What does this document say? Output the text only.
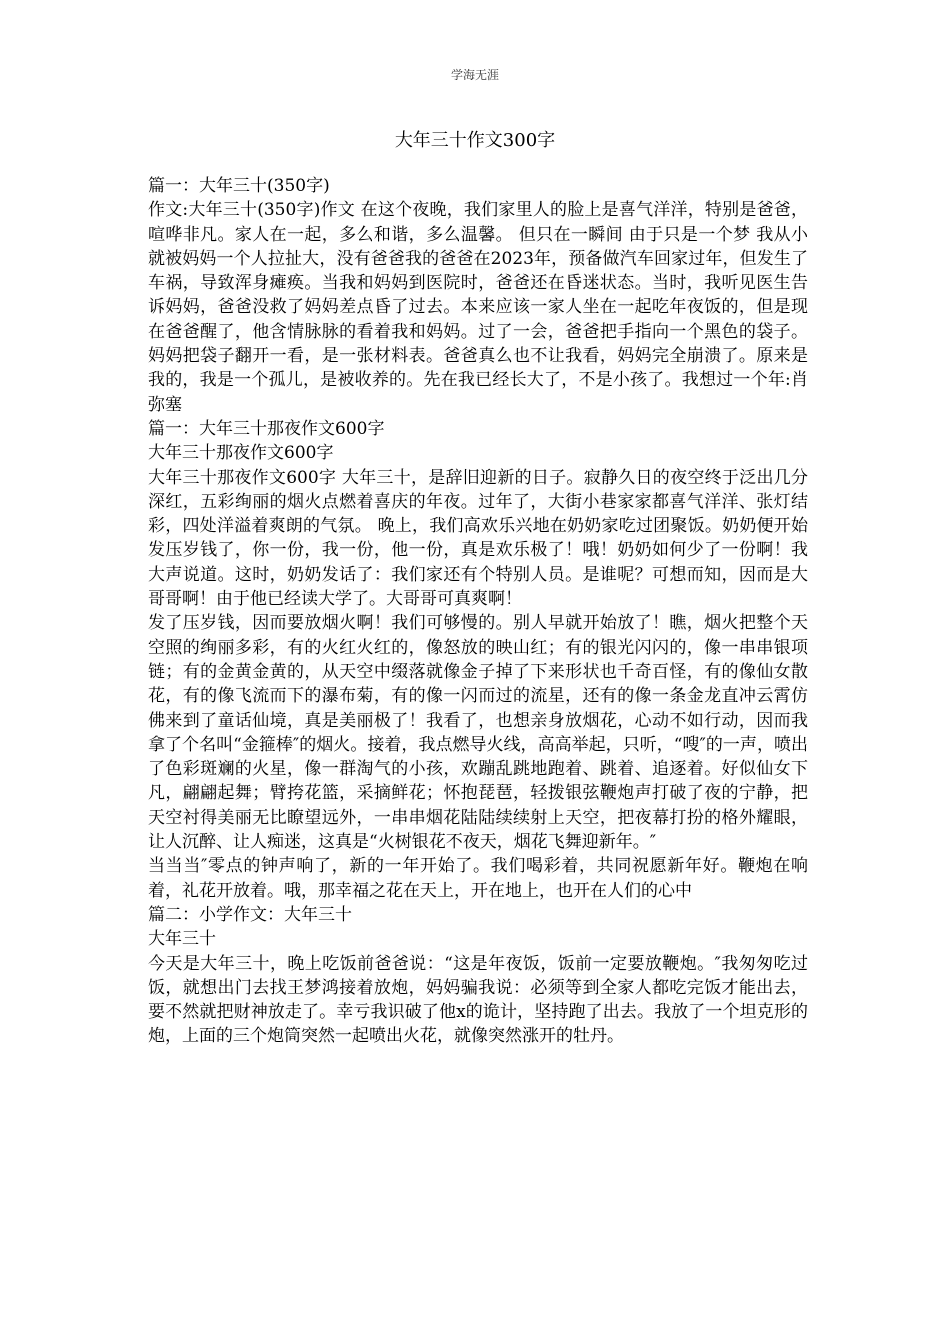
学海无涯
大年三十作文300字

篇一：大年三十(350字)

作文:大年三十(350字)作文 在这个夜晚，我们家里人的脸上是喜气洋洋，特别是爸爸，喧哗非凡。家人在一起，多么和谐，多么温馨。 但只在一瞬间 由于只是一个梦 我从小就被妈妈一个人拉扯大，没有爸爸我的爸爸在2023年，预备做汽车回家过年，但发生了车祸，导致浑身瘫痪。当我和妈妈到医院时，爸爸还在昏迷状态。当时，我听见医生告诉妈妈，爸爸没救了妈妈差点昏了过去。本来应该一家人坐在一起吃年夜饭的，但是现在爸爸醒了，他含情脉脉的看着我和妈妈。过了一会，爸爸把手指向一个黑色的袋子。妈妈把袋子翻开一看，是一张材料表。爸爸真么也不让我看，妈妈完全崩溃了。原来是我的，我是一个孤儿，是被收养的。先在我已经长大了，不是小孩了。我想过一个年:肖弥塞

篇一：大年三十那夜作文600字

大年三十那夜作文600字

大年三十那夜作文600字 大年三十，是辞旧迎新的日子。寂静久日的夜空终于泛出几分深红，五彩绚丽的烟火点燃着喜庆的年夜。过年了，大街小巷家家都喜气洋洋、张灯结彩，四处洋溢着爽朗的气氛。 晚上，我们高欢乐兴地在奶奶家吃过团聚饭。奶奶便开始发压岁钱了，你一份，我一份，他一份，真是欢乐极了！哦！奶奶如何少了一份啊！我大声说道。这时，奶奶发话了：我们家还有个特别人员。是谁呢？可想而知，因而是大哥哥啊！由于他已经读大学了。大哥哥可真爽啊！

发了压岁钱，因而要放烟火啊！我们可够慢的。别人早就开始放了！瞧，烟火把整个天空照的绚丽多彩，有的火红火红的，像怒放的映山红；有的银光闪闪的，像一串串银项链；有的金黄金黄的，从天空中缀落就像金子掉了下来形状也千奇百怪，有的像仙女散花，有的像飞流而下的瀑布菊，有的像一闪而过的流星，还有的像一条金龙直冲云霄仿佛来到了童话仙境，真是美丽极了！我看了，也想亲身放烟花，心动不如行动，因而我拿了个名叫“金箍棒″的烟火。接着，我点燃导火线，高高举起，只听，“嗖″的一声，喷出了色彩斑斓的火星，像一群淘气的小孩，欢蹦乱跳地跑着、跳着、追逐着。好似仙女下凡，翩翩起舞；臂挎花篮，采摘鲜花；怀抱琵琶，轻拨银弦鞭炮声打破了夜的宁静，把天空衬得美丽无比瞭望远外，一串串烟花陆陆续续射上天空，把夜幕打扮的格外耀眼，让人沉醉、让人痴迷，这真是“火树银花不夜天，烟花飞舞迎新年。″

当当当″零点的钟声响了，新的一年开始了。我们喝彩着，共同祝愿新年好。鞭炮在响着，礼花开放着。哦，那幸福之花在天上，开在地上，也开在人们的心中

篇二：小学作文：大年三十

大年三十

今天是大年三十，晚上吃饭前爸爸说：“这是年夜饭，饭前一定要放鞭炮。″我匆匆吃过饭，就想出门去找王梦鸿接着放炮，妈妈骗我说：必须等到全家人都吃完饭才能出去，要不然就把财神放走了。幸亏我识破了他x的诡计，坚持跑了出去。我放了一个坦克形的炮，上面的三个炮筒突然一起喷出火花，就像突然涨开的牡丹。
